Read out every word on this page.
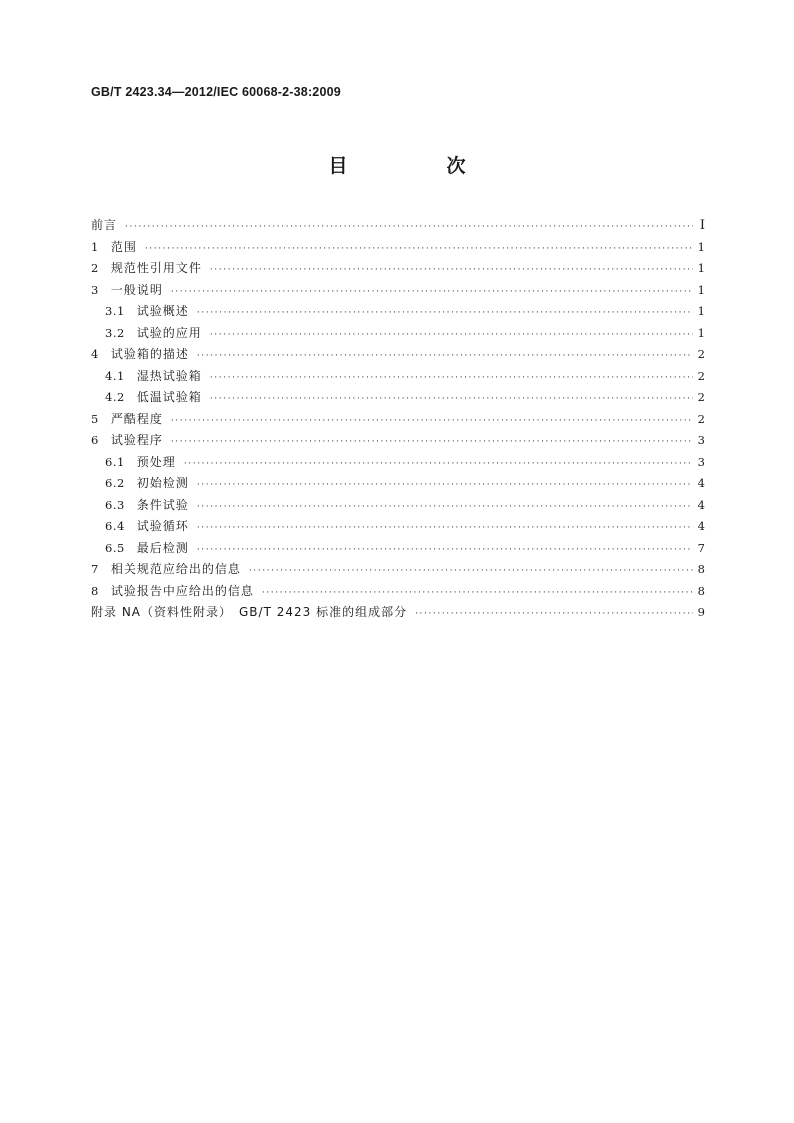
GB/T 2423.34—2012/IEC 60068-2-38:2009
目　次
前言 ·····	Ⅰ
1 范围 ·····	1
2 规范性引用文件 ·····	1
3 一般说明 ·····	1
3.1 试验概述 ·····	1
3.2 试验的应用 ·····	1
4 试验箱的描述 ·····	2
4.1 湿热试验箱 ·····	2
4.2 低温试验箱 ·····	2
5 严酷程度 ·····	2
6 试验程序 ·····	3
6.1 预处理 ·····	3
6.2 初始检测 ·····	4
6.3 条件试验 ·····	4
6.4 试验循环 ·····	4
6.5 最后检测 ·····	7
7 相关规范应给出的信息 ·····	8
8 试验报告中应给出的信息 ·····	8
附录 NA（资料性附录）　GB/T 2423 标准的组成部分 ·····	9
